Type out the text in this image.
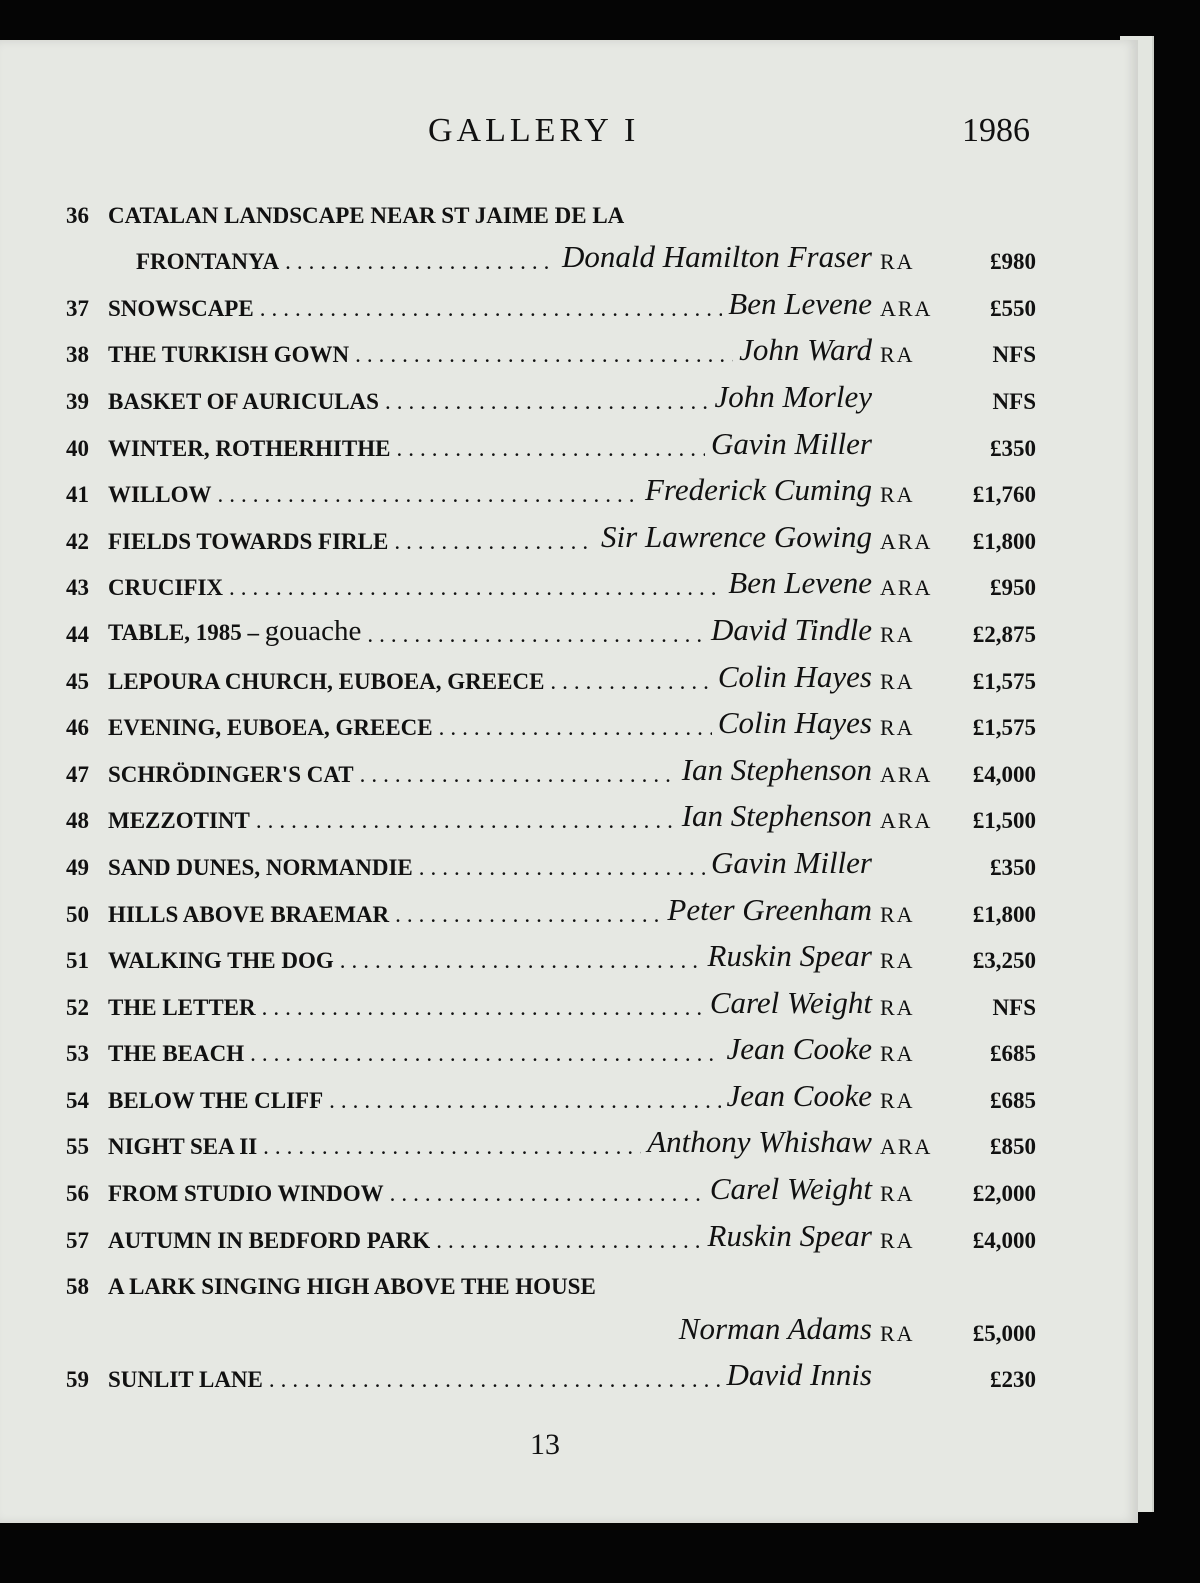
GALLERY I	1986
36 CATALAN LANDSCAPE NEAR ST JAIME DE LA
FRONTANYA .....	Donald Hamilton Fraser RA	£980
37 SNOWSCAPE .....	Ben Levene ARA	£550
38 THE TURKISH GOWN .....	John Ward RA	NFS
39 BASKET OF AURICULAS .....	John Morley	NFS
40 WINTER, ROTHERHITHE .....	Gavin Miller	£350
41 WILLOW .....	Frederick Cuming RA	£1,760
42 FIELDS TOWARDS FIRLE .....	Sir Lawrence Gowing ARA	£1,800
43 CRUCIFIX .....	Ben Levene ARA	£950
44 TABLE, 1985 – gouache .....	David Tindle RA	£2,875
45 LEPOURA CHURCH, EUBOEA, GREECE .....	Colin Hayes RA	£1,575
46 EVENING, EUBOEA, GREECE .....	Colin Hayes RA	£1,575
47 SCHRÖDINGER'S CAT .....	Ian Stephenson ARA	£4,000
48 MEZZOTINT .....	Ian Stephenson ARA	£1,500
49 SAND DUNES, NORMANDIE .....	Gavin Miller	£350
50 HILLS ABOVE BRAEMAR .....	Peter Greenham RA	£1,800
51 WALKING THE DOG .....	Ruskin Spear RA	£3,250
52 THE LETTER .....	Carel Weight RA	NFS
53 THE BEACH .....	Jean Cooke RA	£685
54 BELOW THE CLIFF .....	Jean Cooke RA	£685
55 NIGHT SEA II .....	Anthony Whishaw ARA	£850
56 FROM STUDIO WINDOW .....	Carel Weight RA	£2,000
57 AUTUMN IN BEDFORD PARK .....	Ruskin Spear RA	£4,000
58 A LARK SINGING HIGH ABOVE THE HOUSE
Norman Adams RA	£5,000
59 SUNLIT LANE .....	David Innis	£230
13
